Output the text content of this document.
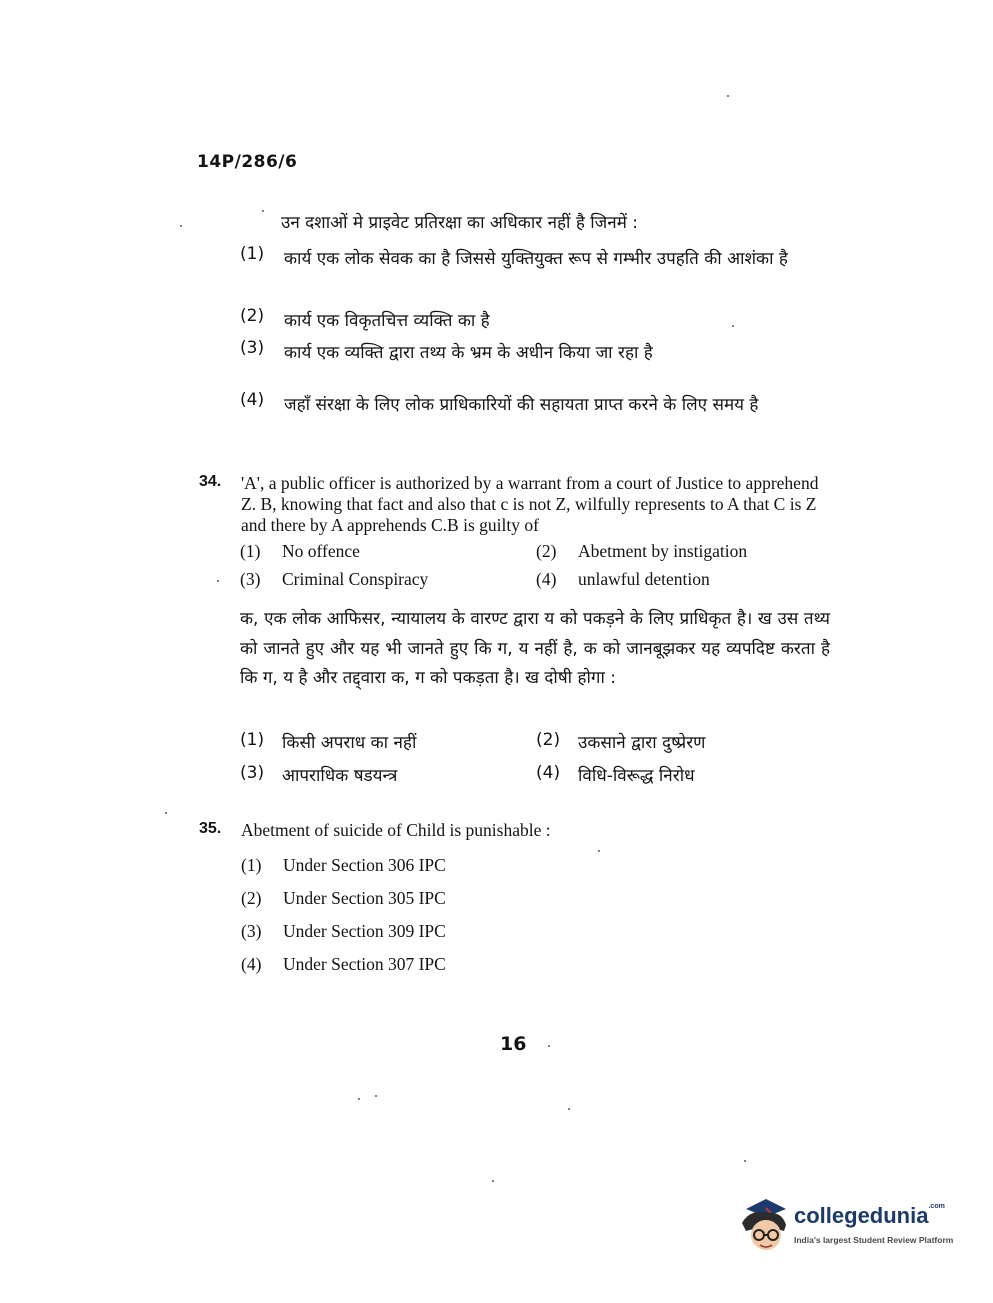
14P/286/6
उन दशाओं मे प्राइवेट प्रतिरक्षा का अधिकार नहीं है जिनमें :
(1)	कार्य एक लोक सेवक का है जिससे युक्तियुक्त रूप से गम्भीर उपहति की आशंका है
(2)	कार्य एक विकृतचित्त व्यक्ति का है
(3)	कार्य एक व्यक्ति द्वारा तथ्य के भ्रम के अधीन किया जा रहा है
(4)	जहाँ संरक्षा के लिए लोक प्राधिकारियों की सहायता प्राप्त करने के लिए समय है
34.	'A', a public officer is authorized by a warrant from a court of Justice to apprehend Z. B, knowing that fact and also that c is not Z, wilfully represents to A that C is Z and there by A apprehends C.B is guilty of
(1)	No offence	(2)	Abetment by instigation
(3)	Criminal Conspiracy	(4)	unlawful detention
क, एक लोक आफिसर, न्यायालय के वारण्ट द्वारा य को पकड़ने के लिए प्राधिकृत है। ख उस तथ्य को जानते हुए और यह भी जानते हुए कि ग, य नहीं है, क को जानबूझकर यह व्यपदिष्ट करता है कि ग, य है और तद्द्वारा क, ग को पकड़ता है। ख दोषी होगा :
(1)	किसी अपराध का नहीं	(2)	उकसाने द्वारा दुष्प्रेरण
(3)	आपराधिक षडयन्त्र	(4)	विधि-विरूद्ध निरोध
35.	Abetment of suicide of Child is punishable :
(1)	Under Section 306 IPC
(2)	Under Section 305 IPC
(3)	Under Section 309 IPC
(4)	Under Section 307 IPC
16
collegedunia$^{.com}$
India's largest Student Review Platform
